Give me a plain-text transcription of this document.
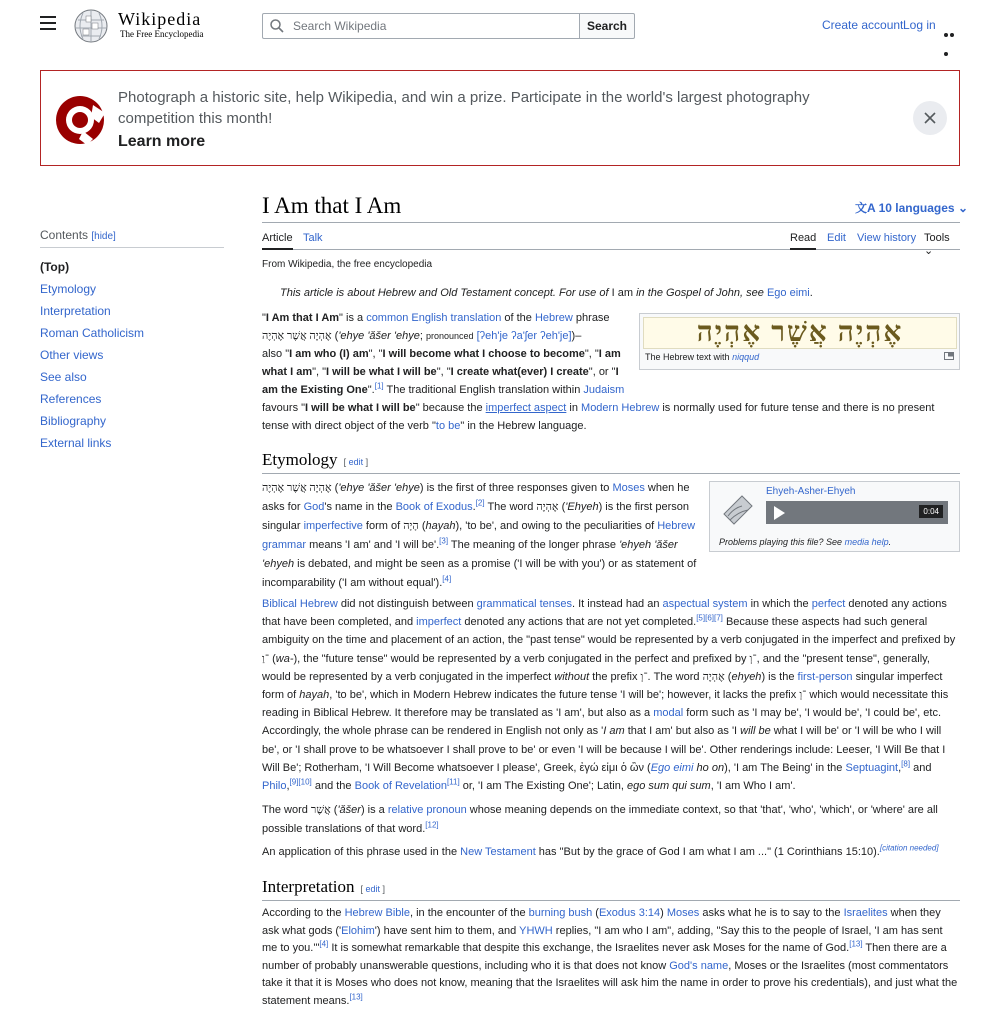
Wikipedia
The Free Encyclopedia
Search Wikipedia
Search	Create account Log in
Photograph a historic site, help Wikipedia, and win a prize. Participate in the world's largest photography competition this month!
Learn more
Contents [hide]
(Top)
Etymology
Interpretation
Roman Catholicism
Other views
See also
References
Bibliography
External links
I Am that I Am	文A 10 languages ⌄
Article Talk	Read Edit View history Tools ⌄
From Wikipedia, the free encyclopedia
This article is about Hebrew and Old Testament concept. For use of I am in the Gospel of John, see Ego eimi.
אֶהְיֶה אֲשֶׁר אֶהְיֶה
The Hebrew text with niqqud
"I Am that I Am" is a common English translation of the Hebrew phrase אֶהְיֶה אֲשֶׁר אֶהְיֶה ('ehye 'ăšer 'ehye; pronounced [ʔeh'je ʔa'ʃer ʔeh'je])–
also "I am who (I) am", "I will become what I choose to become", "I am
what I am", "I will be what I will be", "I create what(ever) I create", or "I
am the Existing One".[1] The traditional English translation within Judaism
favours "I will be what I will be" because the imperfect aspect in Modern Hebrew is normally used for future tense and there is no present tense with direct object of the verb "to be" in the Hebrew language.
Etymology [ edit ]
Ehyeh-Asher-Ehyeh
0:04
Problems playing this file? See media help.
אֶהְיֶה אֲשֶׁר אֶהְיֶה ('ehye 'ăšer 'ehye) is the first of three responses given to Moses when he asks for God's name in the Book of Exodus.[2] The word אֶהְיֶה ('Ehyeh) is the first person singular imperfective form of הָיָה (hayah), 'to be', and owing to the peculiarities of Hebrew grammar means 'I am' and 'I will be'.[3] The meaning of the longer phrase 'ehyeh 'ăšer 'ehyeh is debated, and might be seen as a promise ('I will be with you') or as statement of incomparability ('I am without equal').[4]
Biblical Hebrew did not distinguish between grammatical tenses. It instead had an aspectual system in which the perfect denoted any actions that have been completed, and imperfect denoted any actions that are not yet completed.[5][6][7] Because these aspects had such general ambiguity on the time and placement of an action, the "past tense" would be represented by a verb conjugated in the imperfect and prefixed by ־וַ (wa-), the "future tense" would be represented by a verb conjugated in the perfect and prefixed by ־וְ, and the "present tense", generally, would be represented by a verb conjugated in the imperfect without the prefix ־וְ. The word אֶהְיֶה (ehyeh) is the first-person singular imperfect form of hayah, 'to be', which in Modern Hebrew indicates the future tense 'I will be'; however, it lacks the prefix ־וְ which would necessitate this reading in Biblical Hebrew. It therefore may be translated as 'I am', but also as a modal form such as 'I may be', 'I would be', 'I could be', etc. Accordingly, the whole phrase can be rendered in English not only as 'I am that I am' but also as 'I will be what I will be' or 'I will be who I will be', or 'I shall prove to be whatsoever I shall prove to be' or even 'I will be because I will be'. Other renderings include: Leeser, 'I Will Be that I Will Be'; Rotherham, 'I Will Become whatsoever I please', Greek, ἐγώ εἰμι ὁ ὢν (Ego eimi ho on), 'I am The Being' in the Septuagint,[8] and Philo,[9][10] and the Book of Revelation[11] or, 'I am The Existing One'; Latin, ego sum qui sum, 'I am Who I am'.
The word אֲשֶׁר ('ăšer) is a relative pronoun whose meaning depends on the immediate context, so that 'that', 'who', 'which', or 'where' are all possible translations of that word.[12]
An application of this phrase used in the New Testament has "But by the grace of God I am what I am ..." (1 Corinthians 15:10).[citation needed]
Interpretation [ edit ]
According to the Hebrew Bible, in the encounter of the burning bush (Exodus 3:14) Moses asks what he is to say to the Israelites when they ask what gods ('Elohim') have sent him to them, and YHWH replies, "I am who I am", adding, "Say this to the people of Israel, 'I am has sent me to you.'"[4] It is somewhat remarkable that despite this exchange, the Israelites never ask Moses for the name of God.[13] Then there are a number of probably unanswerable questions, including who it is that does not know God's name, Moses or the Israelites (most commentators take it that it is Moses who does not know, meaning that the Israelites will ask him the name in order to prove his credentials), and just what the statement means.[13]
